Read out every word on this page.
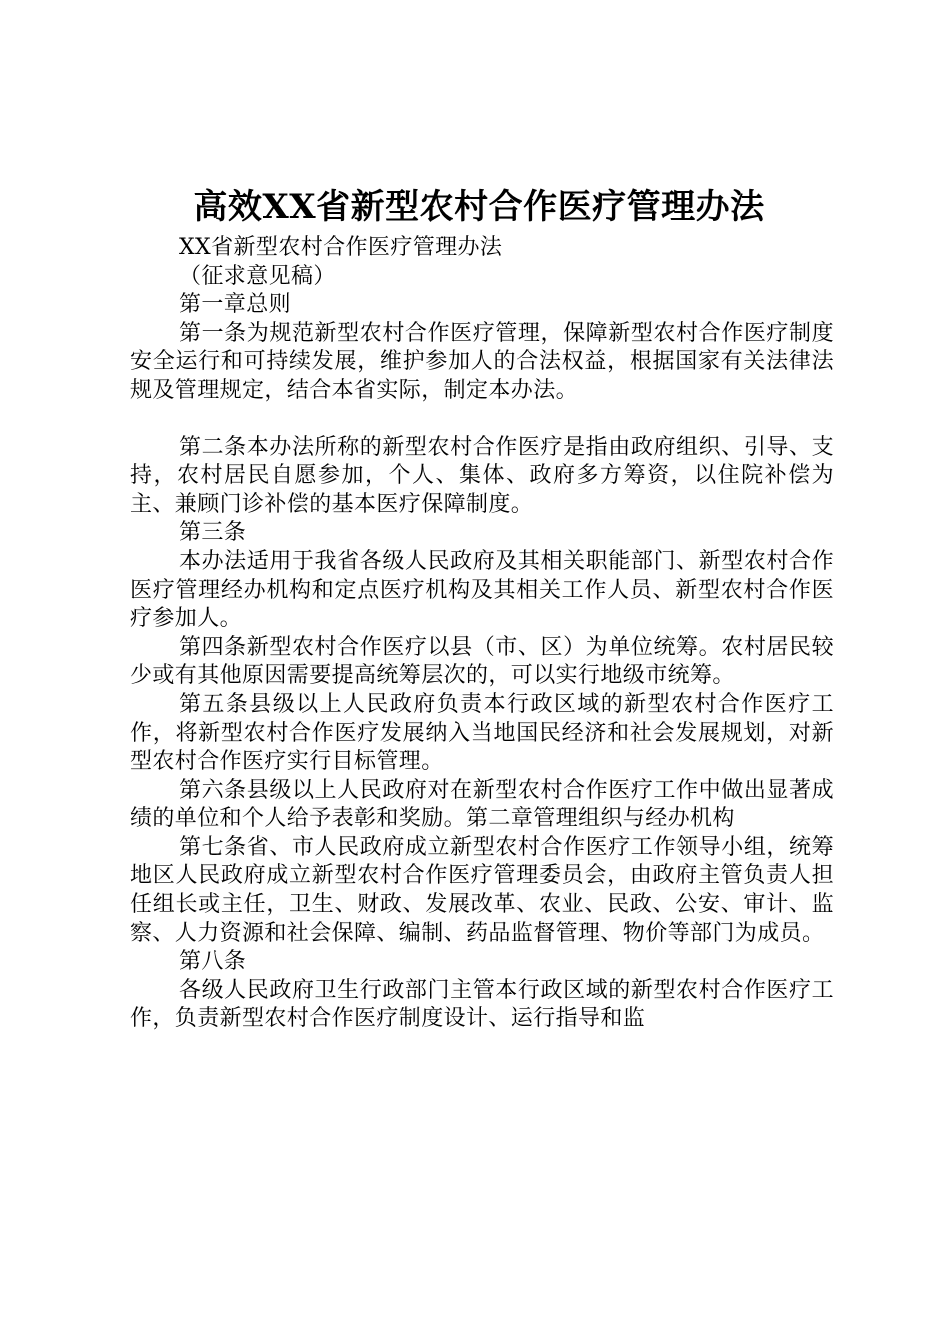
高效XX省新型农村合作医疗管理办法

XX省新型农村合作医疗管理办法

（征求意见稿）

第一章总则

第一条为规范新型农村合作医疗管理，保障新型农村合作医疗制度安全运行和可持续发展，维护参加人的合法权益，根据国家有关法律法规及管理规定，结合本省实际，制定本办法。

第二条本办法所称的新型农村合作医疗是指由政府组织、引导、支持，农村居民自愿参加，个人、集体、政府多方筹资，以住院补偿为主、兼顾门诊补偿的基本医疗保障制度。

第三条

本办法适用于我省各级人民政府及其相关职能部门、新型农村合作医疗管理经办机构和定点医疗机构及其相关工作人员、新型农村合作医疗参加人。

第四条新型农村合作医疗以县（市、区）为单位统筹。农村居民较少或有其他原因需要提高统筹层次的，可以实行地级市统筹。

第五条县级以上人民政府负责本行政区域的新型农村合作医疗工作，将新型农村合作医疗发展纳入当地国民经济和社会发展规划，对新型农村合作医疗实行目标管理。

第六条县级以上人民政府对在新型农村合作医疗工作中做出显著成绩的单位和个人给予表彰和奖励。第二章管理组织与经办机构

第七条省、市人民政府成立新型农村合作医疗工作领导小组，统筹地区人民政府成立新型农村合作医疗管理委员会，由政府主管负责人担任组长或主任，卫生、财政、发展改革、农业、民政、公安、审计、监察、人力资源和社会保障、编制、药品监督管理、物价等部门为成员。

第八条

各级人民政府卫生行政部门主管本行政区域的新型农村合作医疗工作，负责新型农村合作医疗制度设计、运行指导和监
